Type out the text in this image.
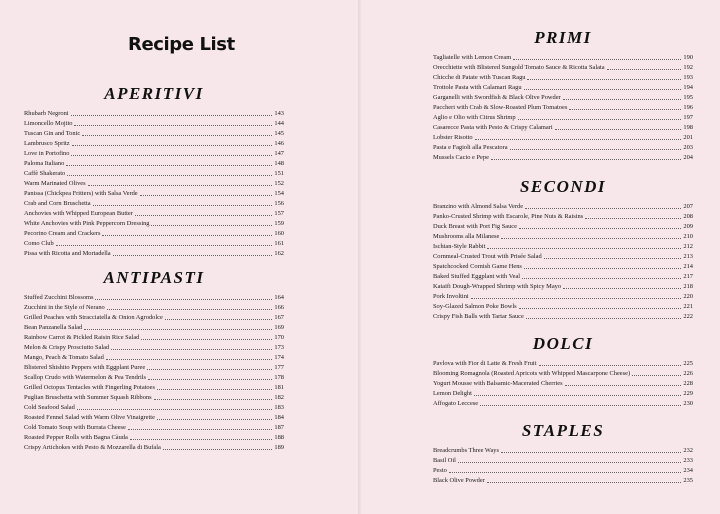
Recipe List
APERITIVI
Rhubarb Negroni	143
Limoncello Mojito	144
Tuscan Gin and Tonic	145
Lambrusco Spritz	146
Love in Portofino	147
Paloma Italiano	148
Caffè Shakerato	151
Warm Marinated Olives	152
Panissa (Chickpea Fritters) with Salsa Verde	154
Crab and Corn Bruschetta	156
Anchovies with Whipped European Butter	157
White Anchovies with Pink Peppercorn Dressing	159
Pecorino Cream and Crackers	160
Como Club	161
Pissa with Ricotta and Mortadella	162
ANTIPASTI
Stuffed Zucchini Blossoms	164
Zucchini in the Style of Nerano	166
Grilled Peaches with Stracciatella & Onion Agrodolce	167
Bean Panzanella Salad	169
Rainbow Carrot & Pickled Raisin Rice Salad	170
Melon & Crispy Prosciutto Salad	173
Mango, Peach & Tomato Salad	174
Blistered Shishito Peppers with Eggplant Puree	177
Scallop Crudo with Watermelon & Pea Tendrils	178
Grilled Octopus Tentacles with Fingerling Potatoes	181
Puglian Bruschetta with Summer Squash Ribbons	182
Cold Seafood Salad	183
Roasted Fennel Salad with Warm Olive Vinaigrette	184
Cold Tomato Soup with Burrata Cheese	187
Roasted Pepper Rolls with Bagna Càuda	188
Crispy Artichokes with Pesto & Mozzarella di Bufala	189
PRIMI
Tagliatelle with Lemon Cream	190
Orecchiette with Blistered Sungold Tomato Sauce & Ricotta Salata	192
Chicche di Patate with Tuscan Ragu	193
Trottole Pasta with Calamari Ragu	194
Garganelli with Swordfish & Black Olive Powder	195
Paccheri with Crab & Slow-Roasted Plum Tomatoes	196
Aglio e Olio with Citrus Shrimp	197
Casarecce Pasta with Pesto & Crispy Calamari	198
Lobster Risotto	201
Pasta e Fagioli alla Pescatora	203
Mussels Cacio e Pepe	204
SECONDI
Branzino with Almond Salsa Verde	207
Panko-Crusted Shrimp with Escarole, Pine Nuts & Raisins	208
Duck Breast with Port Fig Sauce	209
Mushrooms alla Milanese	210
Ischian-Style Rabbit	212
Cornmeal-Crusted Trout with Prisée Salad	213
Spatchcocked Cornish Game Hens	214
Baked Stuffed Eggplant with Veal	217
Kataifi Dough-Wrapped Shrimp with Spicy Mayo	218
Pork Involtini	220
Soy-Glazed Salmon Poke Bowls	221
Crispy Fish Balls with Tartar Sauce	222
DOLCI
Pavlova with Fior di Latte & Fresh Fruit	225
Blooming Romagnola (Roasted Apricots with Whipped Mascarpone Cheese)	226
Yogurt Mousse with Balsamic-Macerated Cherries	228
Lemon Delight	229
Affogato Leccese	230
STAPLES
Breadcrumbs Three Ways	232
Basil Oil	233
Pesto	234
Black Olive Powder	235
